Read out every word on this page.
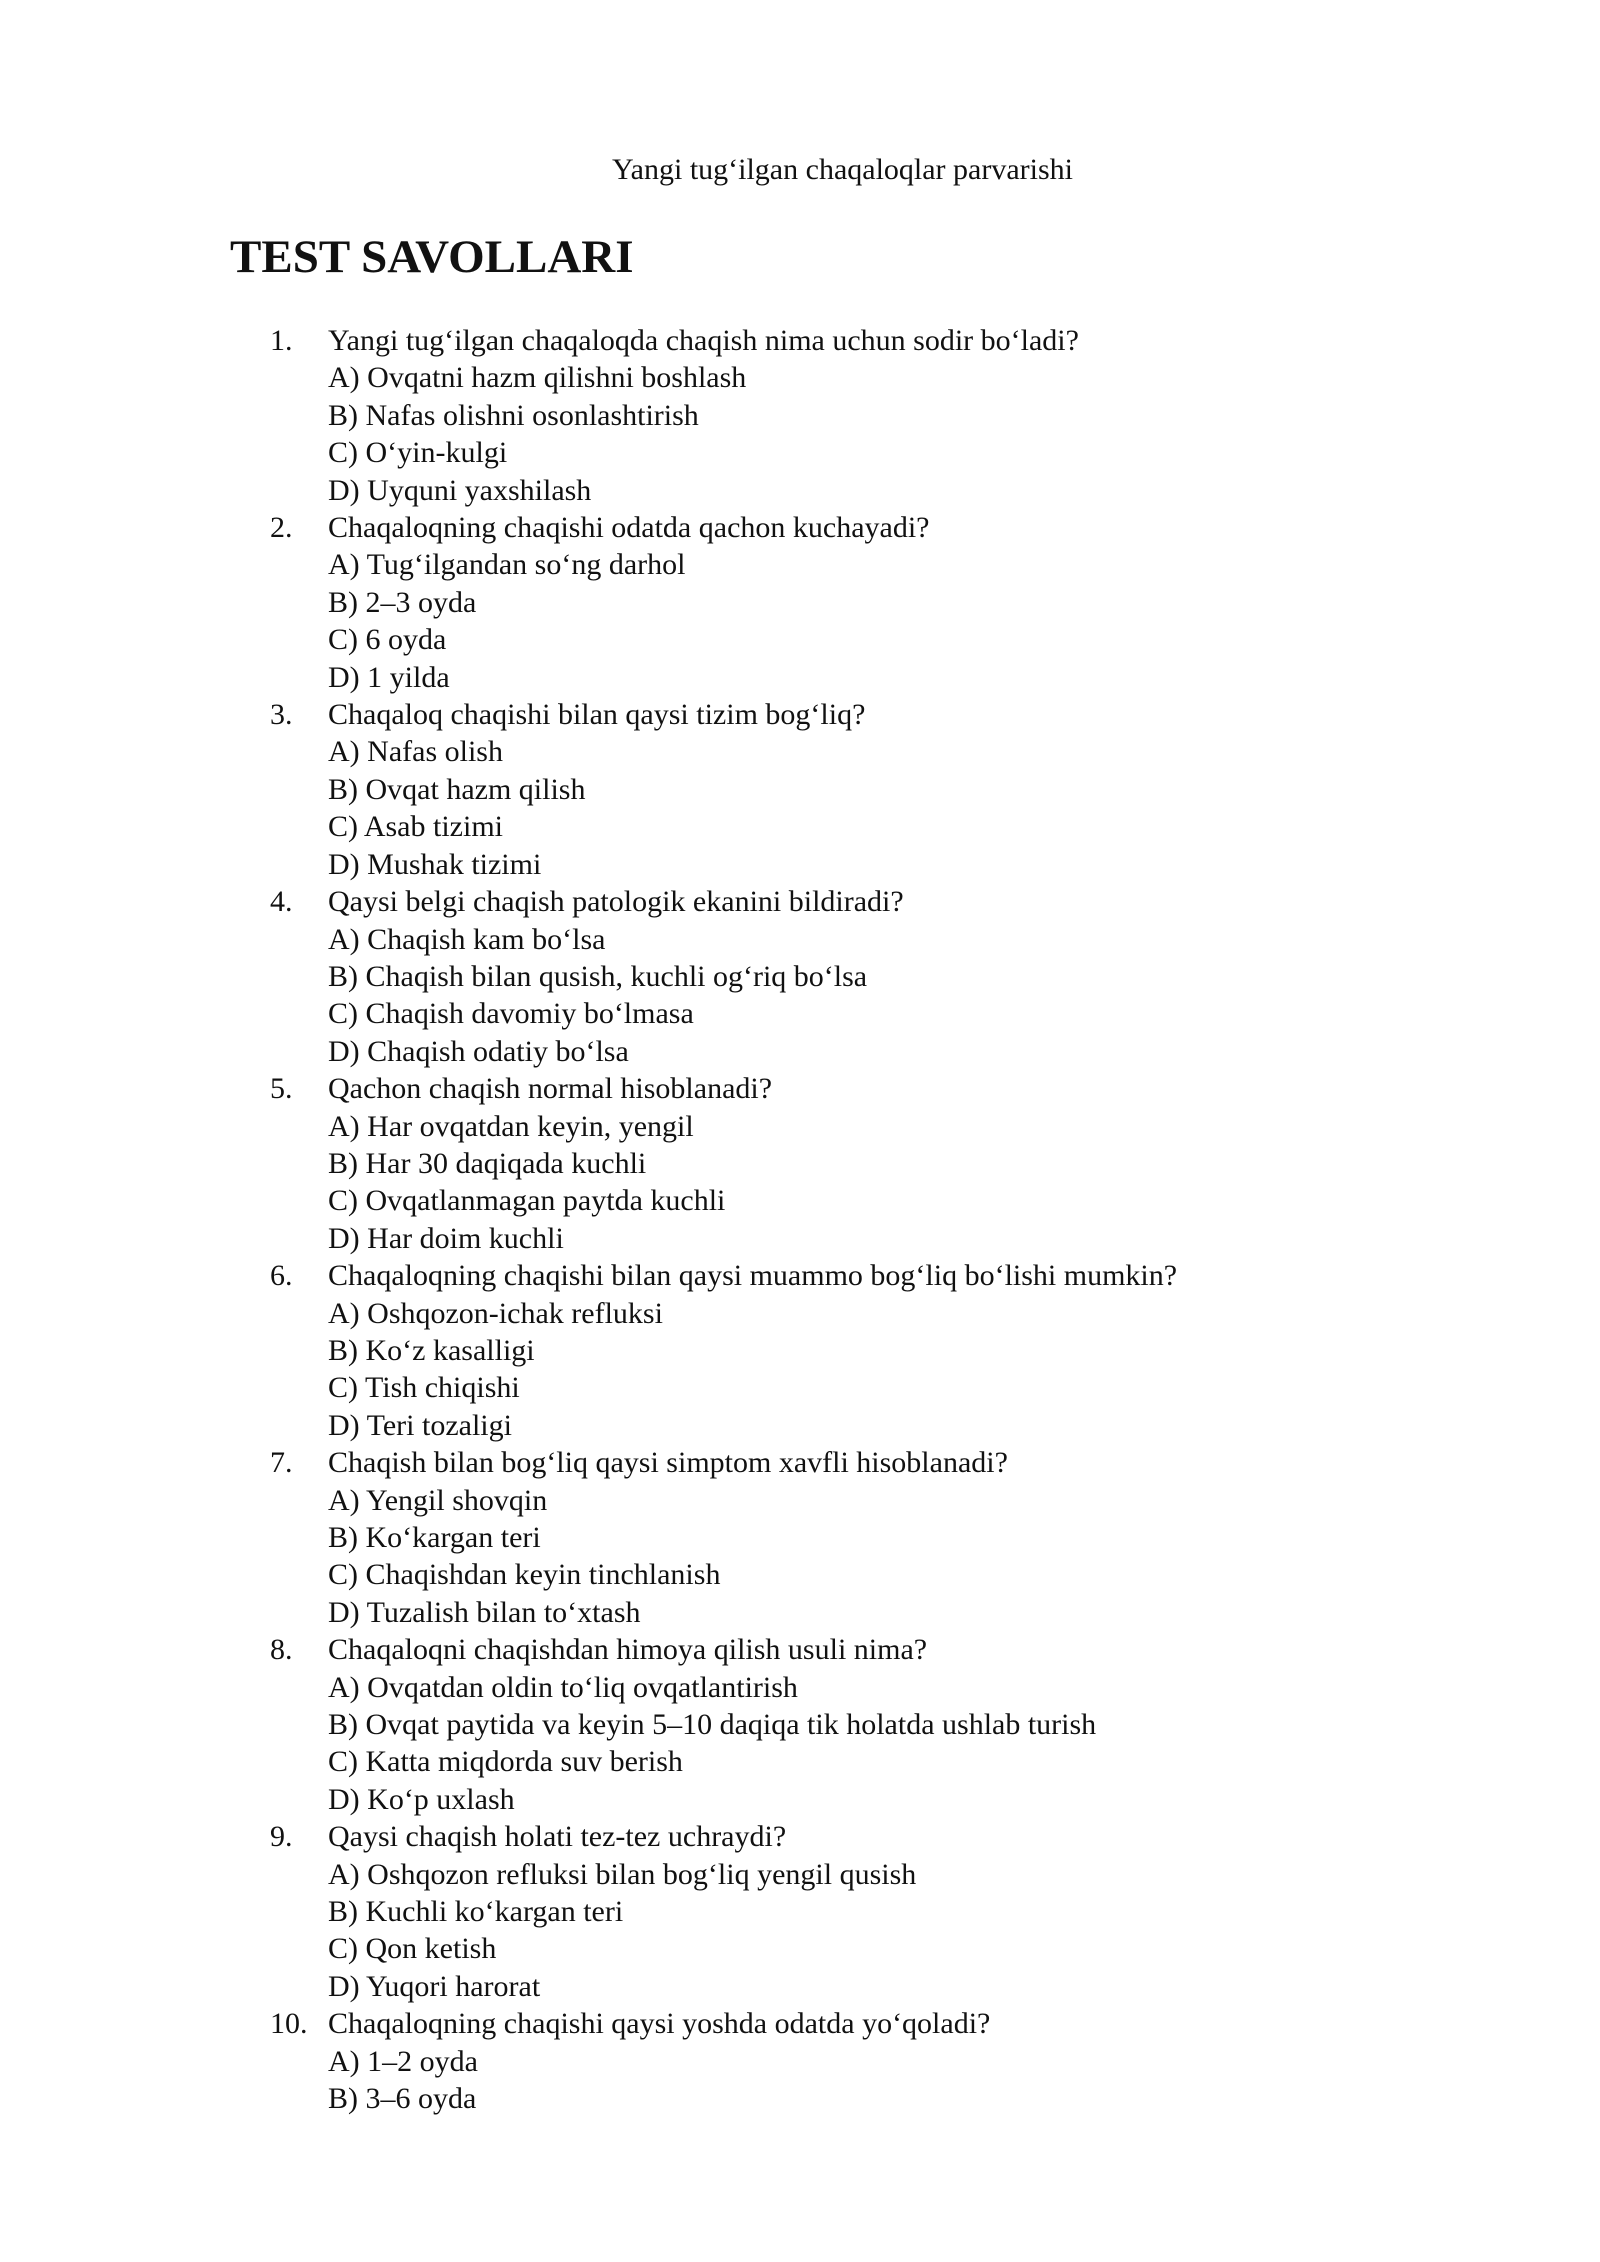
Yangi tug‘ilgan chaqaloqlar parvarishi
TEST SAVOLLARI
1. Yangi tug‘ilgan chaqaloqda chaqish nima uchun sodir bo‘ladi?
A) Ovqatni hazm qilishni boshlash
B) Nafas olishni osonlashtirish
C) O‘yin-kulgi
D) Uyquni yaxshilash
2. Chaqaloqning chaqishi odatda qachon kuchayadi?
A) Tug‘ilgandan so‘ng darhol
B) 2–3 oyda
C) 6 oyda
D) 1 yilda
3. Chaqaloq chaqishi bilan qaysi tizim bog‘liq?
A) Nafas olish
B) Ovqat hazm qilish
C) Asab tizimi
D) Mushak tizimi
4. Qaysi belgi chaqish patologik ekanini bildiradi?
A) Chaqish kam bo‘lsa
B) Chaqish bilan qusish, kuchli og‘riq bo‘lsa
C) Chaqish davomiy bo‘lmasa
D) Chaqish odatiy bo‘lsa
5. Qachon chaqish normal hisoblanadi?
A) Har ovqatdan keyin, yengil
B) Har 30 daqiqada kuchli
C) Ovqatlanmagan paytda kuchli
D) Har doim kuchli
6. Chaqaloqning chaqishi bilan qaysi muammo bog‘liq bo‘lishi mumkin?
A) Oshqozon-ichak refluksi
B) Ko‘z kasalligi
C) Tish chiqishi
D) Teri tozaligi
7. Chaqish bilan bog‘liq qaysi simptom xavfli hisoblanadi?
A) Yengil shovqin
B) Ko‘kargan teri
C) Chaqishdan keyin tinchlanish
D) Tuzalish bilan to‘xtash
8. Chaqaloqni chaqishdan himoya qilish usuli nima?
A) Ovqatdan oldin to‘liq ovqatlantirish
B) Ovqat paytida va keyin 5–10 daqiqa tik holatda ushlab turish
C) Katta miqdorda suv berish
D) Ko‘p uxlash
9. Qaysi chaqish holati tez-tez uchraydi?
A) Oshqozon refluksi bilan bog‘liq yengil qusish
B) Kuchli ko‘kargan teri
C) Qon ketish
D) Yuqori harorat
10. Chaqaloqning chaqishi qaysi yoshda odatda yo‘qoladi?
A) 1–2 oyda
B) 3–6 oyda
